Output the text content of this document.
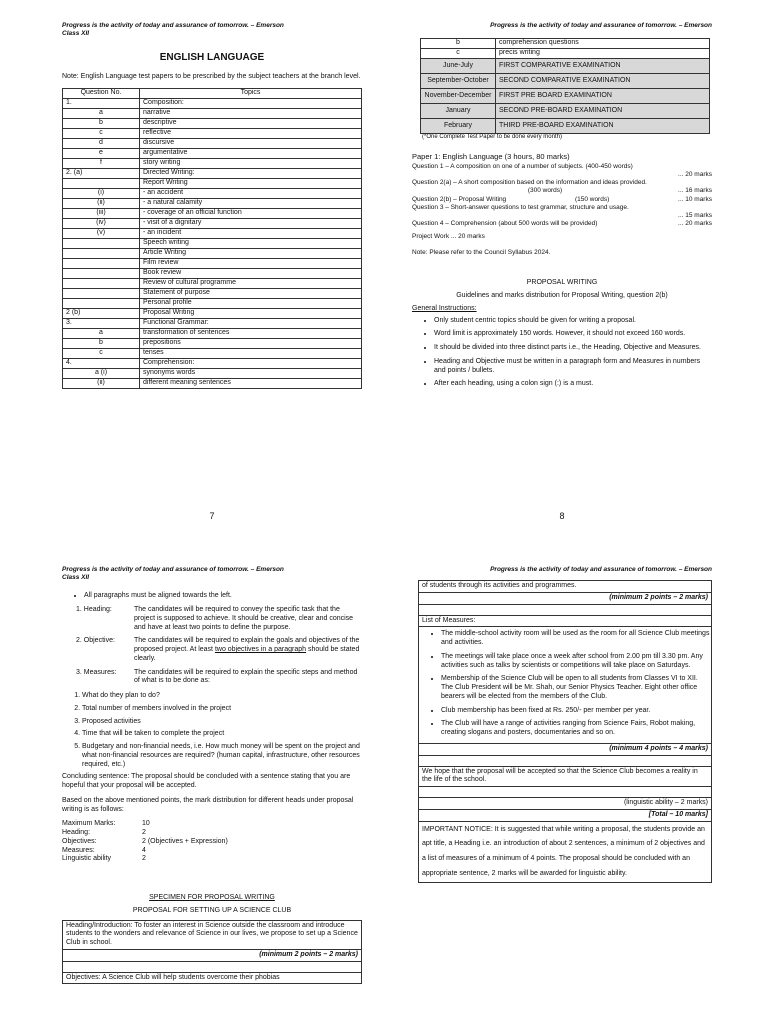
Progress is the activity of today and assurance of tomorrow. – Emerson
Class XII
ENGLISH LANGUAGE
Note: English Language test papers to be prescribed by the subject teachers at the branch level.
Question No.	Topics
1.	Composition:
a	narrative
b	descriptive
c	reflective
d	discursive
e	argumentative
f	story writing
2. (a)	Directed Writing:
	Report Writing
(i)	- an accident
(ii)	- a natural calamity
(iii)	- coverage of an official function
(iv)	- visit of a dignitary
(v)	- an incident
	Speech writing
	Article Writing
	Film review
	Book review
	Review of cultural programme
	Statement of purpose
	Personal profile
2 (b)	Proposal Writing
3.	Functional Grammar:
a	transformation of sentences
b	prepositions
c	tenses
4.	Comprehension:
a (i)	synonyms words
(ii)	different meaning sentences
7
Progress is the activity of today and assurance of tomorrow. – Emerson
b	comprehension questions
c	precis writing
June-July	FIRST COMPARATIVE EXAMINATION
September-October	SECOND COMPARATIVE EXAMINATION
November-December	FIRST PRE BOARD EXAMINATION
January	SECOND PRE-BOARD EXAMINATION
February	THIRD PRE-BOARD EXAMINATION
(*One Complete Test Paper to be done every month)
Paper 1: English Language (3 hours, 80 marks)
Question 1 – A composition on one of a number of subjects. (400-450 words)
... 20 marks
Question 2(a) – A short composition based on the information and ideas provided.
(300 words)	... 16 marks
Question 2(b) – Proposal Writing	(150 words)	... 10 marks
Question 3 – Short-answer questions to test grammar, structure and usage.
... 15 marks
Question 4 – Comprehension (about 500 words will be provided)	... 20 marks
Project Work ... 20 marks
Note: Please refer to the Council Syllabus 2024.
PROPOSAL WRITING
Guidelines and marks distribution for Proposal Writing, question 2(b)
General Instructions:
• Only student centric topics should be given for writing a proposal.
• Word limit is approximately 150 words. However, it should not exceed 160 words.
• It should be divided into three distinct parts i.e., the Heading, Objective and Measures.
• Heading and Objective must be written in a paragraph form and Measures in numbers and points / bullets.
• After each heading, using a colon sign (:) is a must.
8
Progress is the activity of today and assurance of tomorrow. – Emerson
Class XII
• All paragraphs must be aligned towards the left.
1. Heading:	The candidates will be required to convey the specific task that the project is supposed to achieve. It should be creative, clear and concise and have at least two points to define the purpose.
2. Objective:	The candidates will be required to explain the goals and objectives of the proposed project. At least two objectives in a paragraph should be stated clearly.
3. Measures:	The candidates will be required to explain the specific steps and method of what is to be done as:
1. What do they plan to do?
2. Total number of members involved in the project
3. Proposed activities
4. Time that will be taken to complete the project
5. Budgetary and non-financial needs, i.e. How much money will be spent on the project and what non-financial resources are required? (human capital, infrastructure, other resources required, etc.)
Concluding sentence: The proposal should be concluded with a sentence stating that you are hopeful that your proposal will be accepted.
Based on the above mentioned points, the mark distribution for different heads under proposal writing is as follows:
Maximum Marks:	10
Heading:	2
Objectives:	2 (Objectives + Expression)
Measures:	4
Linguistic ability	2
SPECIMEN FOR PROPOSAL WRITING
PROPOSAL FOR SETTING UP A SCIENCE CLUB
Heading/Introduction: To foster an interest in Science outside the classroom and introduce students to the wonders and relevance of Science in our lives, we propose to set up a Science Club in school.
(minimum 2 points – 2 marks)
Objectives: A Science Club will help students overcome their phobias
Progress is the activity of today and assurance of tomorrow. – Emerson
of students through its activities and programmes.
(minimum 2 points – 2 marks)
List of Measures:
• The middle-school activity room will be used as the room for all Science Club meetings and activities.
• The meetings will take place once a week after school from 2.00 pm till 3.30 pm. Any activities such as talks by scientists or competitions will take place on Saturdays.
• Membership of the Science Club will be open to all students from Classes VI to XII. The Club President will be Mr. Shah, our Senior Physics Teacher. Eight other office bearers will be elected from the members of the Club.
• Club membership has been fixed at Rs. 250/- per member per year.
• The Club will have a range of activities ranging from Science Fairs, Robot making, creating slogans and posters, documentaries and so on.
(minimum 4 points – 4 marks)
We hope that the proposal will be accepted so that the Science Club becomes a reality in the life of the school.
(linguistic ability – 2 marks)
[Total – 10 marks]
IMPORTANT NOTICE: It is suggested that while writing a proposal, the students provide an apt title, a Heading i.e. an introduction of about 2 sentences, a minimum of 2 objectives and a list of measures of a minimum of 4 points. The proposal should be concluded with an appropriate sentence, 2 marks will be awarded for linguistic ability.
